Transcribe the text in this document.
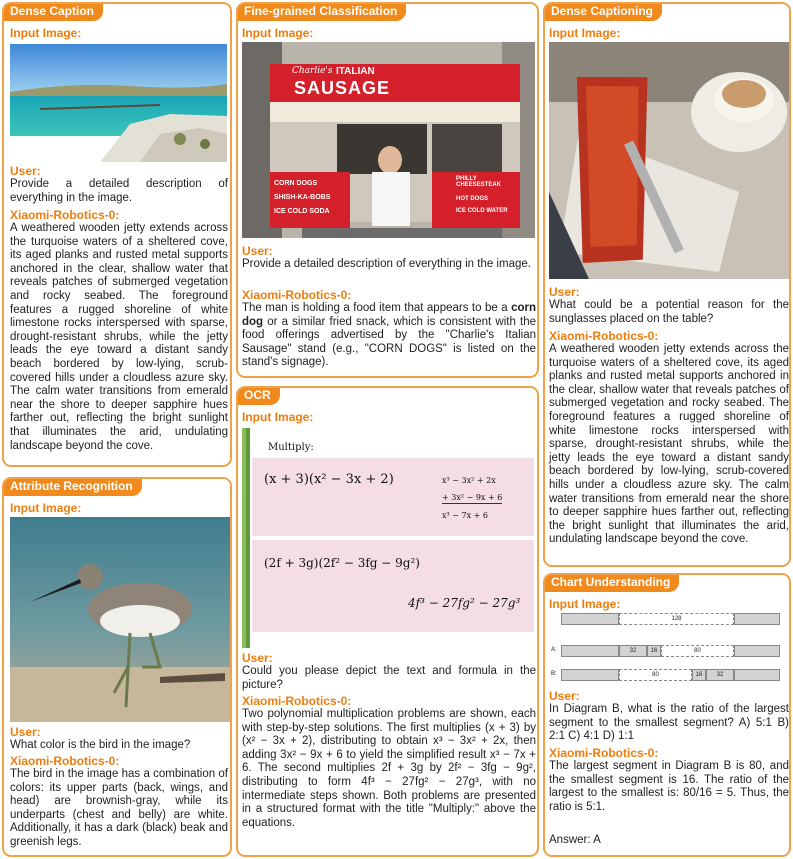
Dense Caption
Input Image:
User:
Provide a detailed description of everything in the image.
Xiaomi-Robotics-0:
A weathered wooden jetty extends across the turquoise waters of a sheltered cove, its aged planks and rusted metal supports anchored in the clear, shallow water that reveals patches of submerged vegetation and rocky seabed. The foreground features a rugged shoreline of white limestone rocks interspersed with sparse, drought-resistant shrubs, while the jetty leads the eye toward a distant sandy beach bordered by low-lying, scrub-covered hills under a cloudless azure sky. The calm water transitions from emerald near the shore to deeper sapphire hues farther out, reflecting the bright sunlight that illuminates the arid, undulating landscape beyond the cove.
Attribute Recognition
Input Image:
User:
What color is the bird in the image?
Xiaomi-Robotics-0:
The bird in the image has a combination of colors: its upper parts (back, wings, and head) are brownish-gray, while its underparts (chest and belly) are white. Additionally, it has a dark (black) beak and greenish legs.
Fine-grained Classification
Input Image:
Charlie's ITALIAN
SAUSAGE
CORN DOGS
SHISH-KA-BOBS
ICE COLD SODA
PHILLY CHEESESTEAK
HOT DOGS
ICE COLD WATER
User:
Provide a detailed description of everything in the image.
Xiaomi-Robotics-0:
The man is holding a food item that appears to be a corn dog or a similar fried snack, which is consistent with the food offerings advertised by the "Charlie's Italian Sausage" stand (e.g., "CORN DOGS" is listed on the stand's signage).
OCR
Input Image:
Multiply:
(x + 3)(x² − 3x + 2)	x³ − 3x² + 2x
+ 3x² − 9x + 6
x³ − 7x + 6
(2f + 3g)(2f² − 3fg − 9g²)
4f³ − 27fg² − 27g³
User:
Could you please depict the text and formula in the picture?
Xiaomi-Robotics-0:
Two polynomial multiplication problems are shown, each with step-by-step solutions. The first multiplies (x + 3) by (x² − 3x + 2), distributing to obtain x³ − 3x² + 2x, then adding 3x² − 9x + 6 to yield the simplified result x³ − 7x + 6. The second multiplies 2f + 3g by 2f² − 3fg − 9g², distributing to form 4f³ − 27fg² − 27g³, with no intermediate steps shown. Both problems are presented in a structured format with the title "Multiply:" above the equations.
Dense Captioning
Input Image:
User:
What could be a potential reason for the sunglasses placed on the table?
Xiaomi-Robotics-0:
A weathered wooden jetty extends across the turquoise waters of a sheltered cove, its aged planks and rusted metal supports anchored in the clear, shallow water that reveals patches of submerged vegetation and rocky seabed. The foreground features a rugged shoreline of white limestone rocks interspersed with sparse, drought-resistant shrubs, while the jetty leads the eye toward a distant sandy beach bordered by low-lying, scrub-covered hills under a cloudless azure sky. The calm water transitions from emerald near the shore to deeper sapphire hues farther out, reflecting the bright sunlight that illuminates the arid, undulating landscape beyond the cove.
Chart Understanding
Input Image:
128
A:	32	16	80
B:	80	16	32
User:
In Diagram B, what is the ratio of the largest segment to the smallest segment? A) 5:1 B) 2:1 C) 4:1 D) 1:1
Xiaomi-Robotics-0:
The largest segment in Diagram B is 80, and the smallest segment is 16. The ratio of the largest to the smallest is: 80/16 = 5. Thus, the ratio is 5:1.
Answer: A
